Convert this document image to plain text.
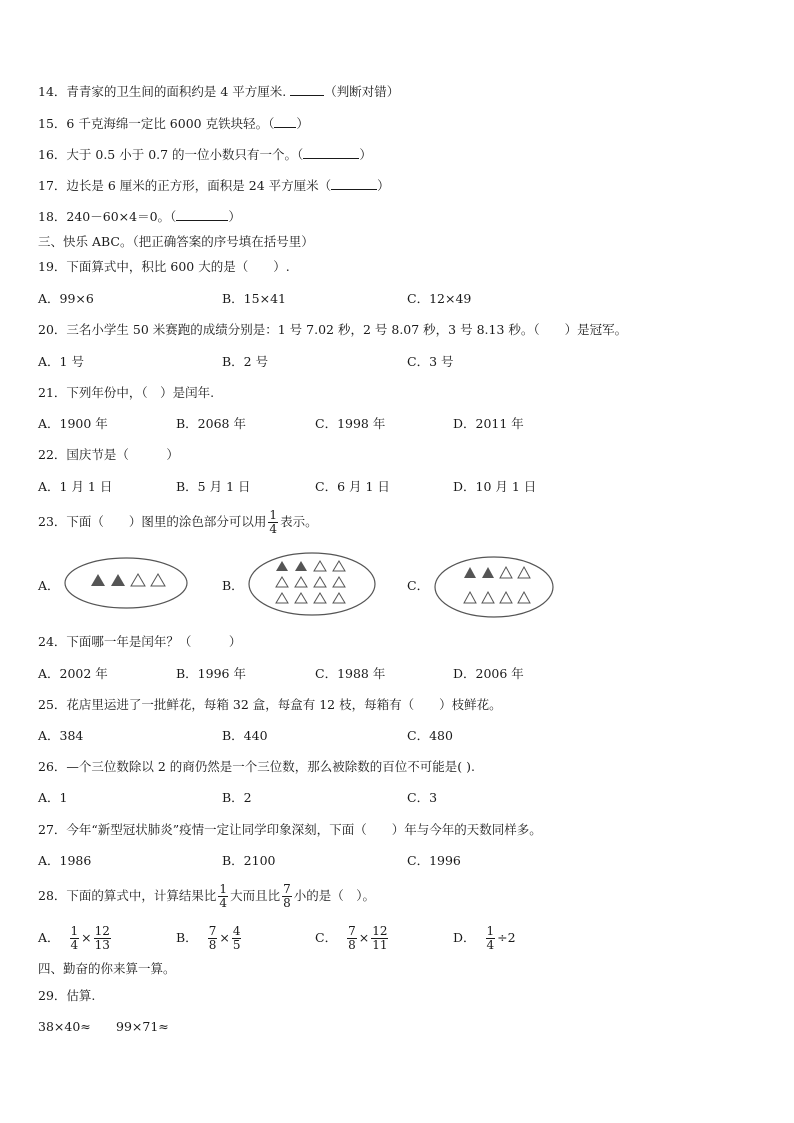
14．青青家的卫生间的面积约是 4 平方厘米.	（判断对错）
15．6 千克海绵一定比 6000 克铁块轻。（ ）
16．大于 0.5 小于 0.7 的一位小数只有一个。（	）
17．边长是 6 厘米的正方形，面积是 24 平方厘米（	）
18．240－60×4＝0。（	）
三、快乐 ABC。（把正确答案的序号填在括号里）
19．下面算式中，积比 600 大的是（　　）.
A．99×6	B．15×41	C．12×49
20．三名小学生 50 米赛跑的成绩分别是：1 号 7.02 秒，2 号 8.07 秒，3 号 8.13 秒。（　　）是冠军。
A．1 号	B．2 号	C．3 号
21．下列年份中，（　）是闰年.
A．1900 年	B．2068 年	C．1998 年	D．2011 年
22．国庆节是（　　　）
A．1 月 1 日	B．5 月 1 日	C．6 月 1 日	D．10 月 1 日
23．下面（　　）图里的涂色部分可以用 $\frac{1}{4}$ 表示。
A．	B．	C．
24．下面哪一年是闰年？（　　　）
A．2002 年	B．1996 年	C．1988 年	D．2006 年
25．花店里运进了一批鲜花，每箱 32 盒，每盒有 12 枝，每箱有（　　）枝鲜花。
A．384	B．440	C．480
26．—个三位数除以 2 的商仍然是一个三位数，那么被除数的百位不可能是( ).
A．1	B．2	C．3
27．今年“新型冠状肺炎”疫情一定让同学印象深刻，下面（　　）年与今年的天数同样多。
A．1986	B．2100	C．1996
28．下面的算式中，计算结果比 $\frac{1}{4}$ 大而且比 $\frac{7}{8}$ 小的是（　）。
A． $\frac{1}{4} \times \frac{12}{13}$	B． $\frac{7}{8} \times \frac{4}{5}$	C． $\frac{7}{8} \times \frac{12}{11}$	D． $\frac{1}{4} \div 2$
四、勤奋的你来算一算。
29．估算.
38×40≈ 99×71≈
